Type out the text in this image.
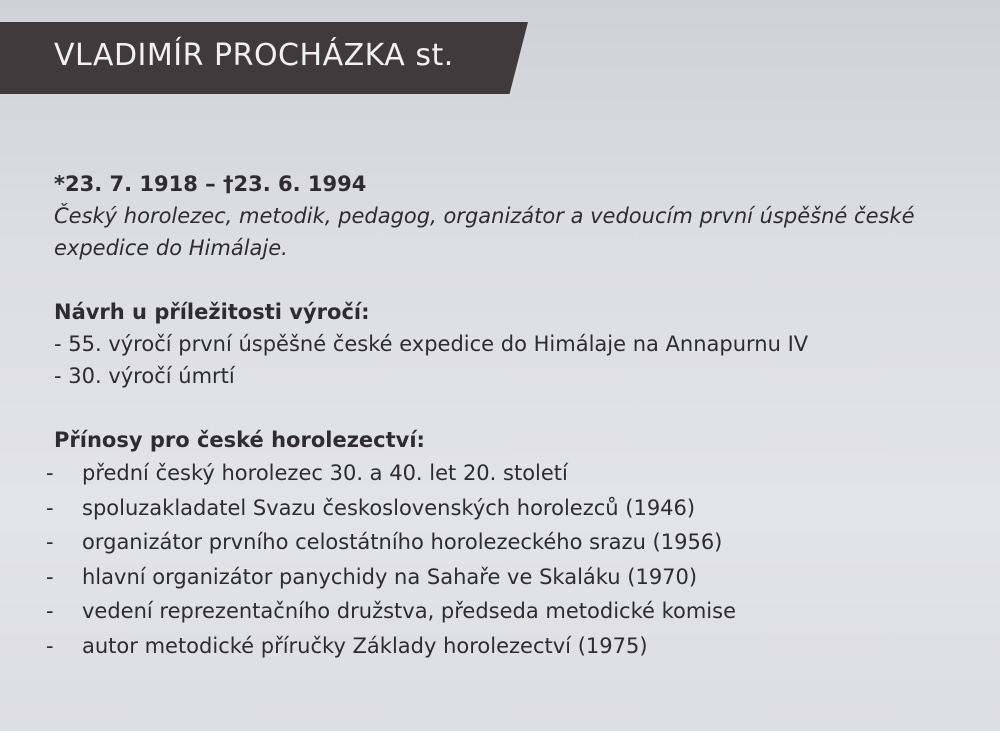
VLADIMÍR PROCHÁZKA st.
*23. 7. 1918 – †23. 6. 1994
Český horolezec, metodik, pedagog, organizátor a vedoucím první úspěšné české expedice do Himálaje.
Návrh u příležitosti výročí:
- 55. výročí první úspěšné české expedice do Himálaje na Annapurnu IV
- 30. výročí úmrtí
Přínosy pro české horolezectví:
- přední český horolezec 30. a 40. let 20. století
- spoluzakladatel Svazu československých horolezců (1946)
- organizátor prvního celostátního horolezeckého srazu (1956)
- hlavní organizátor panychidy na Sahaře ve Skaláku (1970)
- vedení reprezentačního družstva, předseda metodické komise
- autor metodické příručky Základy horolezectví (1975)
